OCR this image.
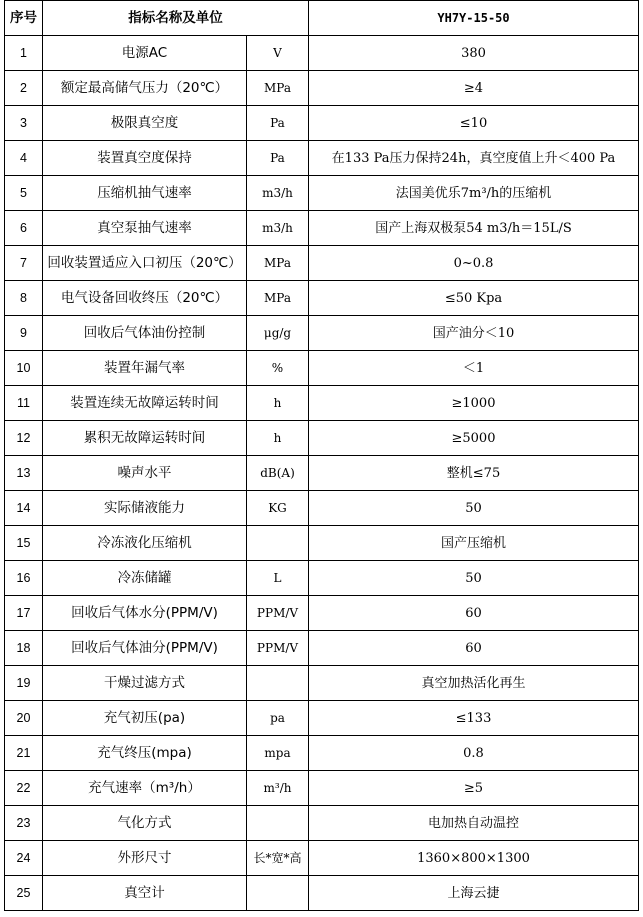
序号	指标名称及单位		YH7Y-15-50
1	电源AC	V	380
2	额定最高储气压力（20℃）	MPa	≥4
3	极限真空度	Pa	≤10
4	装置真空度保持	Pa	在133 Pa压力保持24h，真空度值上升＜400 Pa
5	压缩机抽气速率	m3/h	法国美优乐7m³/h的压缩机
6	真空泵抽气速率	m3/h	国产上海双极泵54 m3/h＝15L/S
7	回收装置适应入口初压（20℃）	MPa	0~0.8
8	电气设备回收终压（20℃）	MPa	≤50 Kpa
9	回收后气体油份控制	μg/g	国产油分＜10
10	装置年漏气率	%	＜1
11	装置连续无故障运转时间	h	≥1000
12	累积无故障运转时间	h	≥5000
13	噪声水平	dB(A)	整机≤75
14	实际储液能力	KG	50
15	冷冻液化压缩机		国产压缩机
16	冷冻储罐	L	50
17	回收后气体水分(PPM/V)	PPM/V	60
18	回收后气体油分(PPM/V)	PPM/V	60
19	干燥过滤方式		真空加热活化再生
20	充气初压(pa)	pa	≤133
21	充气终压(mpa)	mpa	0.8
22	充气速率（m³/h）	m³/h	≥5
23	气化方式		电加热自动温控
24	外形尺寸	长*宽*高	1360×800×1300
25	真空计		上海云捷
